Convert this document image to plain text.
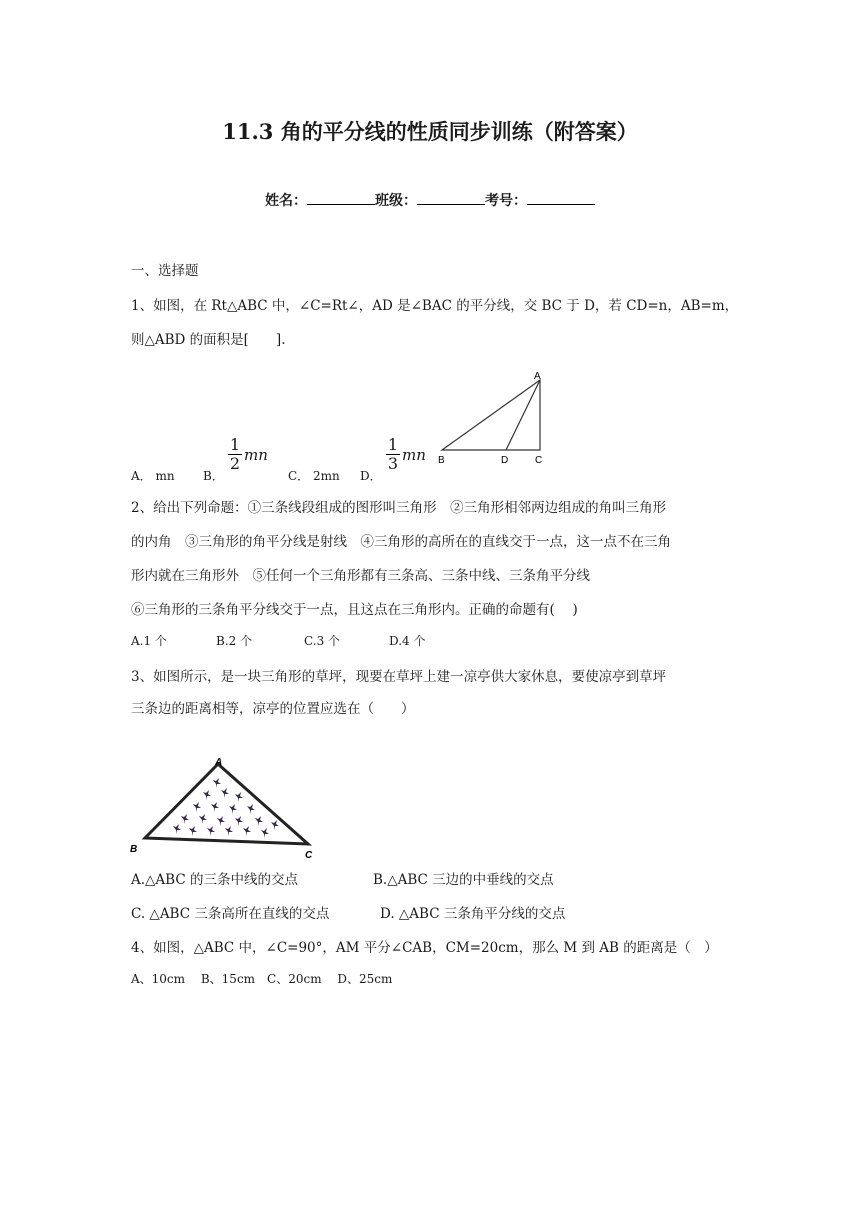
11.3 角的平分线的性质同步训练（附答案）
姓名：	班级：	考号：
一、选择题
1、如图，在 Rt△ABC 中，∠C=Rt∠，AD 是∠BAC 的平分线，交 BC 于 D，若 CD=n，AB=m，
则△ABD 的面积是[　　].
A． mn B．
1
2 mn
C． 2mn D．
1
3 mn
A
B	D	C
2、给出下列命题：①三条线段组成的图形叫三角形　②三角形相邻两边组成的角叫三角形
的内角　③三角形的角平分线是射线　④三角形的高所在的直线交于一点，这一点不在三角
形内就在三角形外　⑤任何一个三角形都有三条高、三条中线、三条角平分线
⑥三角形的三条角平分线交于一点，且这点在三角形内。正确的命题有(　 )
A.1 个	B.2 个	C.3 个	D.4 个
3、如图所示，是一块三角形的草坪，现要在草坪上建一凉亭供大家休息，要使凉亭到草坪
三条边的距离相等，凉亭的位置应选在（　　）
A
B
C
A.△ABC 的三条中线的交点	B.△ABC 三边的中垂线的交点
C. △ABC 三条高所在直线的交点	D. △ABC 三条角平分线的交点
4、如图，△ABC 中，∠C=90°，AM 平分∠CAB，CM=20cm，那么 M 到 AB 的距离是（　）
A、10cm　 B、15cm　C、20cm　 D、25cm
